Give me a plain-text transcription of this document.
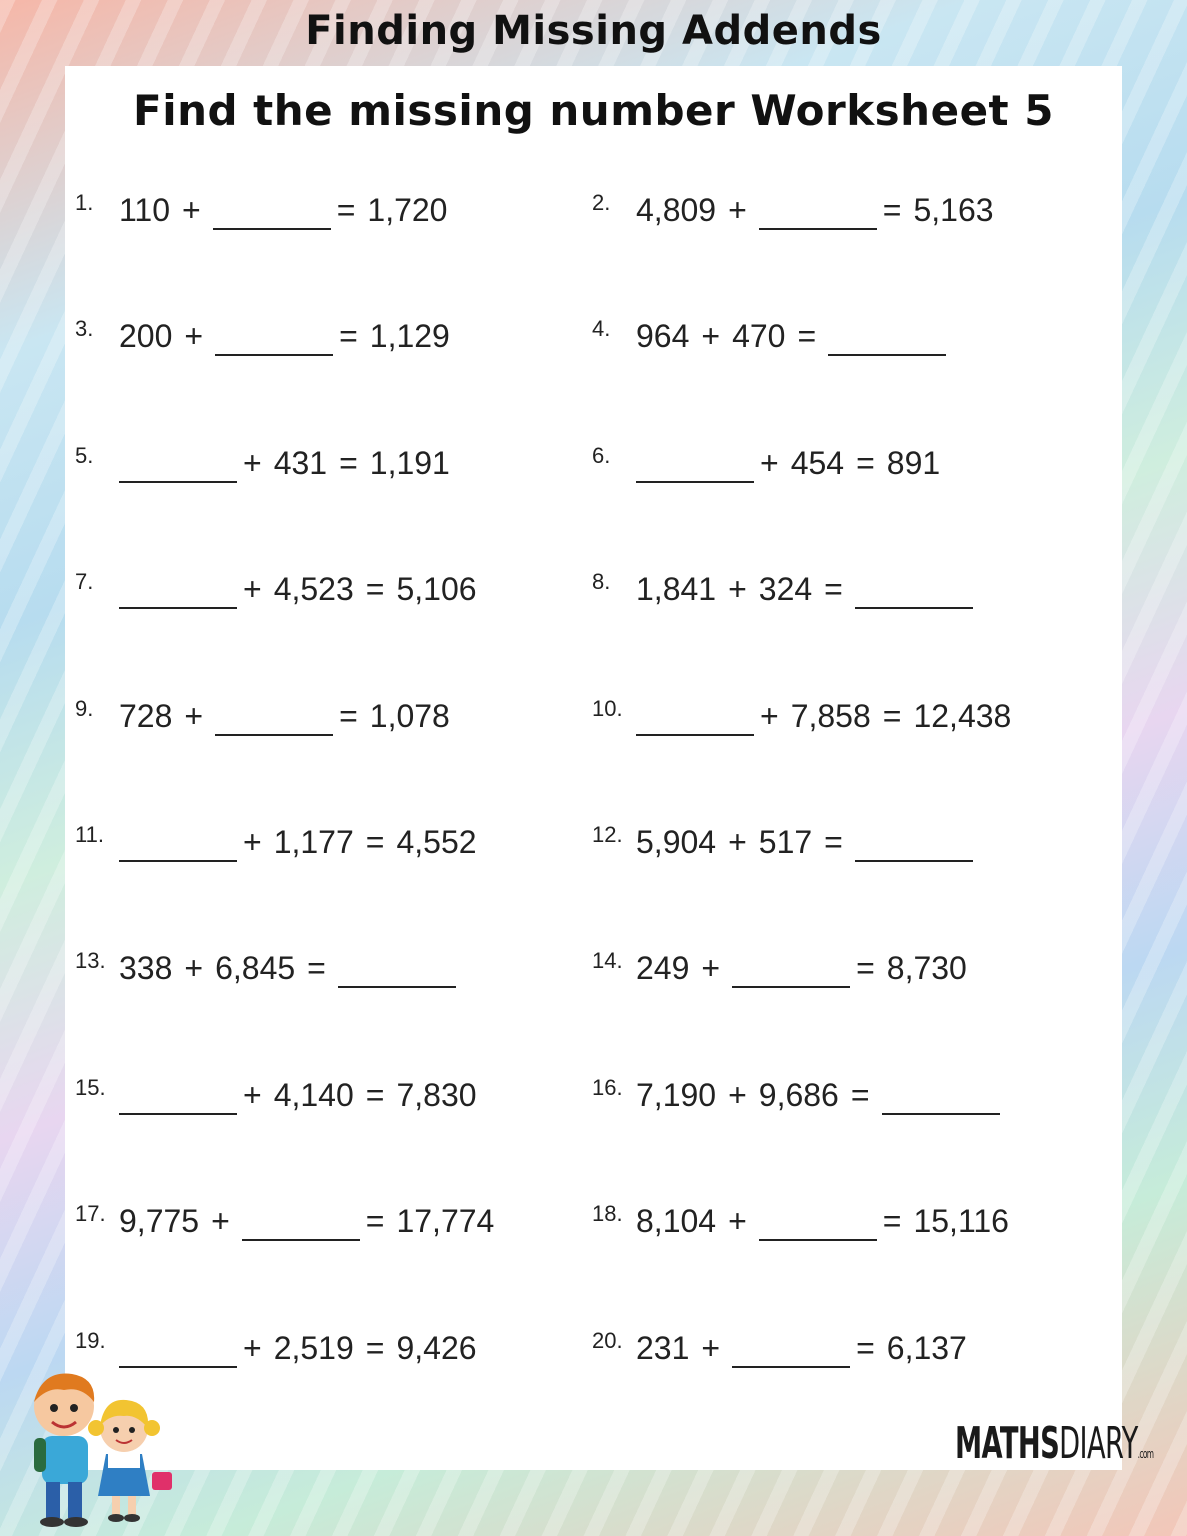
Finding Missing Addends
Find the missing number Worksheet 5
1. 110 +	= 1,720	2. 4,809 +	= 5,163
3. 200 +	= 1,129	4. 964 + 470 =
5.	+ 431 = 1,191	6.	+ 454 = 891
7.	+ 4,523 = 5,106	8. 1,841 + 324 =
9. 728 +	= 1,078	10.	+ 7,858 = 12,438
11.	+ 1,177 = 4,552	12. 5,904 + 517 =
13. 338 + 6,845 =	14. 249 +	= 8,730
15.	+ 4,140 = 7,830	16. 7,190 + 9,686 =
17. 9,775 +	= 17,774	18. 8,104 +	= 15,116
19.	+ 2,519 = 9,426	20. 231 +	= 6,137
MATHSDIARY.com
